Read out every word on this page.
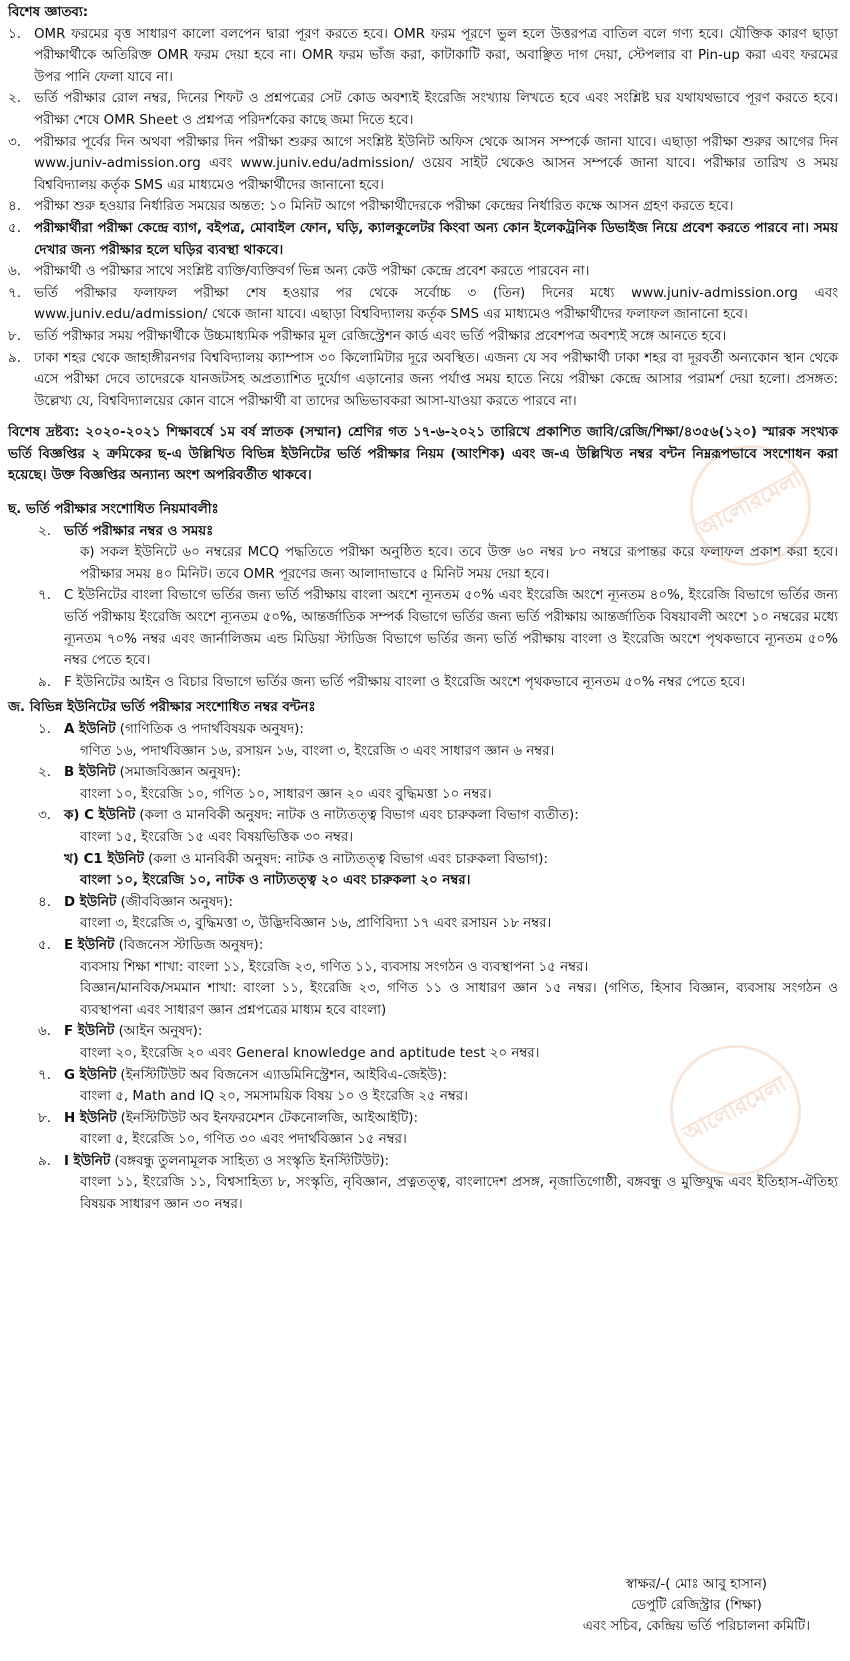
আলোরমেলা
আলোরমেলা

বিশেষ জ্ঞাতব্য:

১. OMR ফরমের বৃত্ত সাধারণ কালো বলপেন দ্বারা পূরণ করতে হবে। OMR ফরম পূরণে ভুল হলে উত্তরপত্র বাতিল বলে গণ্য হবে। যৌক্তিক কারণ ছাড়া পরীক্ষার্থীকে অতিরিক্ত OMR ফরম দেয়া হবে না। OMR ফরম ভাঁজ করা, কাটাকাটি করা, অবাঞ্ছিত দাগ দেয়া, স্টেপলার বা Pin-up করা এবং ফরমের উপর পানি ফেলা যাবে না।

২. ভর্তি পরীক্ষার রোল নম্বর, দিনের শিফট ও প্রশ্নপত্রের সেট কোড অবশ্যই ইংরেজি সংখ্যায় লিখতে হবে এবং সংশ্লিষ্ট ঘর যথাযথভাবে পূরণ করতে হবে। পরীক্ষা শেষে OMR Sheet ও প্রশ্নপত্র পরিদর্শকের কাছে জমা দিতে হবে।

৩. পরীক্ষার পূর্বের দিন অথবা পরীক্ষার দিন পরীক্ষা শুরুর আগে সংশ্লিষ্ট ইউনিট অফিস থেকে আসন সম্পর্কে জানা যাবে। এছাড়া পরীক্ষা শুরুর আগের দিন www.juniv-admission.org এবং www.juniv.edu/admission/ ওয়েব সাইট থেকেও আসন সম্পর্কে জানা যাবে। পরীক্ষার তারিখ ও সময় বিশ্ববিদ্যালয় কর্তৃক SMS এর মাধ্যমেও পরীক্ষার্থীদের জানানো হবে।

৪. পরীক্ষা শুরু হওয়ার নির্ধারিত সময়ের অন্তত: ১০ মিনিট আগে পরীক্ষার্থীদেরকে পরীক্ষা কেন্দ্রের নির্ধারিত কক্ষে আসন গ্রহণ করতে হবে।

৫. পরীক্ষার্থীরা পরীক্ষা কেন্দ্রে ব্যাগ, বইপত্র, মোবাইল ফোন, ঘড়ি, ক্যালকুলেটর কিংবা অন্য কোন ইলেকট্রনিক ডিভাইজ নিয়ে প্রবেশ করতে পারবে না। সময় দেখার জন্য পরীক্ষার হলে ঘড়ির ব্যবস্থা থাকবে।

৬. পরীক্ষার্থী ও পরীক্ষার সাথে সংশ্লিষ্ট ব্যক্তি/ব্যক্তিবর্গ ভিন্ন অন্য কেউ পরীক্ষা কেন্দ্রে প্রবেশ করতে পারবেন না।

৭. ভর্তি পরীক্ষার ফলাফল পরীক্ষা শেষ হওয়ার পর থেকে সর্বোচ্চ ৩ (তিন) দিনের মধ্যে www.juniv-admission.org এবং www.juniv.edu/admission/ থেকে জানা যাবে। এছাড়া বিশ্ববিদ্যালয় কর্তৃক SMS এর মাধ্যমেও পরীক্ষার্থীদের ফলাফল জানানো হবে।

৮. ভর্তি পরীক্ষার সময় পরীক্ষার্থীকে উচ্চমাধ্যমিক পরীক্ষার মূল রেজিস্ট্রেশন কার্ড এবং ভর্তি পরীক্ষার প্রবেশপত্র অবশ্যই সঙ্গে আনতে হবে।

৯. ঢাকা শহর থেকে জাহাঙ্গীরনগর বিশ্ববিদ্যালয় ক্যাম্পাস ৩০ কিলোমিটার দূরে অবস্থিত। এজন্য যে সব পরীক্ষার্থী ঢাকা শহর বা দূরবর্তী অন্যকোন স্থান থেকে এসে পরীক্ষা দেবে তাদেরকে যানজটসহ অপ্রত্যাশিত দুর্যোগ এড়ানোর জন্য পর্যাপ্ত সময় হাতে নিয়ে পরীক্ষা কেন্দ্রে আসার পরামর্শ দেয়া হলো। প্রসঙ্গত: উল্লেখ্য যে, বিশ্ববিদ্যালয়ের কোন বাসে পরীক্ষার্থী বা তাদের অভিভাবকরা আসা-যাওয়া করতে পারবে না।

বিশেষ দ্রষ্টব্য: ২০২০-২০২১ শিক্ষাবর্ষে ১ম বর্ষ স্নাতক (সম্মান) শ্রেণির গত ১৭-৬-২০২১ তারিখে প্রকাশিত জাবি/রেজি/শিক্ষা/৪৩৫৬(১২০) স্মারক সংখ্যক ভর্তি বিজ্ঞপ্তির ২ ক্রমিকের ছ-এ উল্লিখিত বিভিন্ন ইউনিটের ভর্তি পরীক্ষার নিয়ম (আংশিক) এবং জ-এ উল্লিখিত নম্বর বন্টন নিম্নরূপভাবে সংশোধন করা হয়েছে। উক্ত বিজ্ঞপ্তির অন্যান্য অংশ অপরিবর্তীত থাকবে।

ছ. ভর্তি পরীক্ষার সংশোধিত নিয়মাবলীঃ

২. ভর্তি পরীক্ষার নম্বর ও সময়ঃ

ক) সকল ইউনিটে ৬০ নম্বরের MCQ পদ্ধতিতে পরীক্ষা অনুষ্ঠিত হবে। তবে উক্ত ৬০ নম্বর ৮০ নম্বরে রূপান্তর করে ফলাফল প্রকাশ করা হবে। পরীক্ষার সময় ৪০ মিনিট। তবে OMR পূরণের জন্য আলাদাভাবে ৫ মিনিট সময় দেয়া হবে।

৭. C ইউনিটের বাংলা বিভাগে ভর্তির জন্য ভর্তি পরীক্ষায় বাংলা অংশে ন্যূনতম ৫০% এবং ইংরেজি অংশে ন্যূনতম ৪০%, ইংরেজি বিভাগে ভর্তির জন্য ভর্তি পরীক্ষায় ইংরেজি অংশে ন্যূনতম ৫০%, আন্তর্জাতিক সম্পর্ক বিভাগে ভর্তির জন্য ভর্তি পরীক্ষায় আন্তর্জাতিক বিষয়াবলী অংশে ১০ নম্বরের মধ্যে ন্যূনতম ৭০% নম্বর এবং জার্নালিজম এন্ড মিডিয়া স্টাডিজ বিভাগে ভর্তির জন্য ভর্তি পরীক্ষায় বাংলা ও ইংরেজি অংশে পৃথকভাবে ন্যূনতম ৫০% নম্বর পেতে হবে।

৯. F ইউনিটের আইন ও বিচার বিভাগে ভর্তির জন্য ভর্তি পরীক্ষায় বাংলা ও ইংরেজি অংশে পৃথকভাবে ন্যূনতম ৫০% নম্বর পেতে হবে।

জ. বিভিন্ন ইউনিটের ভর্তি পরীক্ষার সংশোধিত নম্বর বন্টনঃ

১. A ইউনিট (গাণিতিক ও পদার্থবিষয়ক অনুষদ):

গণিত ১৬, পদার্থবিজ্ঞান ১৬, রসায়ন ১৬, বাংলা ৩, ইংরেজি ৩ এবং সাধারণ জ্ঞান ৬ নম্বর।

২. B ইউনিট (সমাজবিজ্ঞান অনুষদ):

বাংলা ১০, ইংরেজি ১০, গণিত ১০, সাধারণ জ্ঞান ২০ এবং বুদ্ধিমত্তা ১০ নম্বর।

৩. ক) C ইউনিট (কলা ও মানবিকী অনুষদ: নাটক ও নাট্যতত্ত্ব বিভাগ এবং চারুকলা বিভাগ ব্যতীত):

বাংলা ১৫, ইংরেজি ১৫ এবং বিষয়ভিত্তিক ৩০ নম্বর।

খ) C1 ইউনিট (কলা ও মানবিকী অনুষদ: নাটক ও নাট্যতত্ত্ব বিভাগ এবং চারুকলা বিভাগ):

বাংলা ১০, ইংরেজি ১০, নাটক ও নাট্যতত্ত্ব ২০ এবং চারুকলা ২০ নম্বর।

৪. D ইউনিট (জীববিজ্ঞান অনুষদ):

বাংলা ৩, ইংরেজি ৩, বুদ্ধিমত্তা ৩, উদ্ভিদবিজ্ঞান ১৬, প্রাণিবিদ্যা ১৭ এবং রসায়ন ১৮ নম্বর।

৫. E ইউনিট (বিজনেস স্টাডিজ অনুষদ):

ব্যবসায় শিক্ষা শাখা: বাংলা ১১, ইংরেজি ২৩, গণিত ১১, ব্যবসায় সংগঠন ও ব্যবস্থাপনা ১৫ নম্বর।

বিজ্ঞান/মানবিক/সমমান শাখা: বাংলা ১১, ইংরেজি ২৩, গণিত ১১ ও সাধারণ জ্ঞান ১৫ নম্বর। (গণিত, হিসাব বিজ্ঞান, ব্যবসায় সংগঠন ও ব্যবস্থাপনা এবং সাধারণ জ্ঞান প্রশ্নপত্রের মাধ্যম হবে বাংলা)

৬. F ইউনিট (আইন অনুষদ):

বাংলা ২০, ইংরেজি ২০ এবং General knowledge and aptitude test ২০ নম্বর।

৭. G ইউনিট (ইনস্টিটিউট অব বিজনেস এ্যাডমিনিস্ট্রেশন, আইবিএ-জেইউ):

বাংলা ৫, Math and IQ ২০, সমসাময়িক বিষয় ১০ ও ইংরেজি ২৫ নম্বর।

৮. H ইউনিট (ইনস্টিটিউট অব ইনফরমেশন টেকনোলজি, আইআইটি):

বাংলা ৫, ইংরেজি ১০, গণিত ৩০ এবং পদার্থবিজ্ঞান ১৫ নম্বর।

৯. I ইউনিট (বঙ্গবন্ধু তুলনামূলক সাহিত্য ও সংস্কৃতি ইনস্টিটিউট):

বাংলা ১১, ইংরেজি ১১, বিশ্বসাহিত্য ৮, সংস্কৃতি, নৃবিজ্ঞান, প্রত্নতত্ত্ব, বাংলাদেশ প্রসঙ্গ, নৃজাতিগোষ্ঠী, বঙ্গবন্ধু ও মুক্তিযুদ্ধ এবং ইতিহাস-ঐতিহ্য বিষয়ক সাধারণ জ্ঞান ৩০ নম্বর।

স্বাক্ষর/-( মোঃ আবু হাসান)
ডেপুটি রেজিস্ট্রার (শিক্ষা)
এবং সচিব, কেন্দ্রিয় ভর্তি পরিচালনা কমিটি।
